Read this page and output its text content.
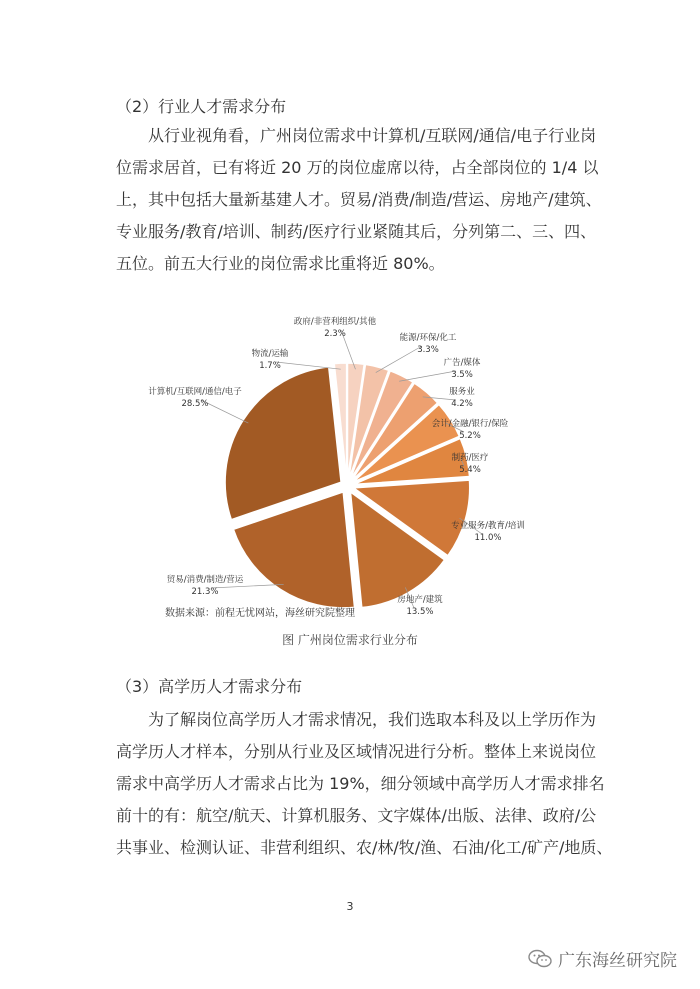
（2）行业人才需求分布
从行业视角看，广州岗位需求中计算机/互联网/通信/电子行业岗
位需求居首，已有将近 20 万的岗位虚席以待，占全部岗位的 1/4 以
上，其中包括大量新基建人才。贸易/消费/制造/营运、房地产/建筑、
专业服务/教育/培训、制药/医疗行业紧随其后，分列第二、三、四、
五位。前五大行业的岗位需求比重将近 80%。
政府/非营利组织/其他
2.3%	能源/环保/化工
3.3%
广告/媒体
3.5%
服务业
4.2%
会计/金融/银行/保险
5.2%
制药/医疗
5.4%
专业服务/教育/培训
11.0%
房地产/建筑
13.5%
贸易/消费/制造/营运
21.3%
计算机/互联网/通信/电子
28.5%
物流/运输
1.7%
数据来源：前程无忧网站，海丝研究院整理
图 广州岗位需求行业分布
（3）高学历人才需求分布
为了解岗位高学历人才需求情况，我们选取本科及以上学历作为
高学历人才样本，分别从行业及区域情况进行分析。整体上来说岗位
需求中高学历人才需求占比为 19%，细分领域中高学历人才需求排名
前十的有：航空/航天、计算机服务、文字媒体/出版、法律、政府/公
共事业、检测认证、非营利组织、农/林/牧/渔、石油/化工/矿产/地质、
3
广东海丝研究院
